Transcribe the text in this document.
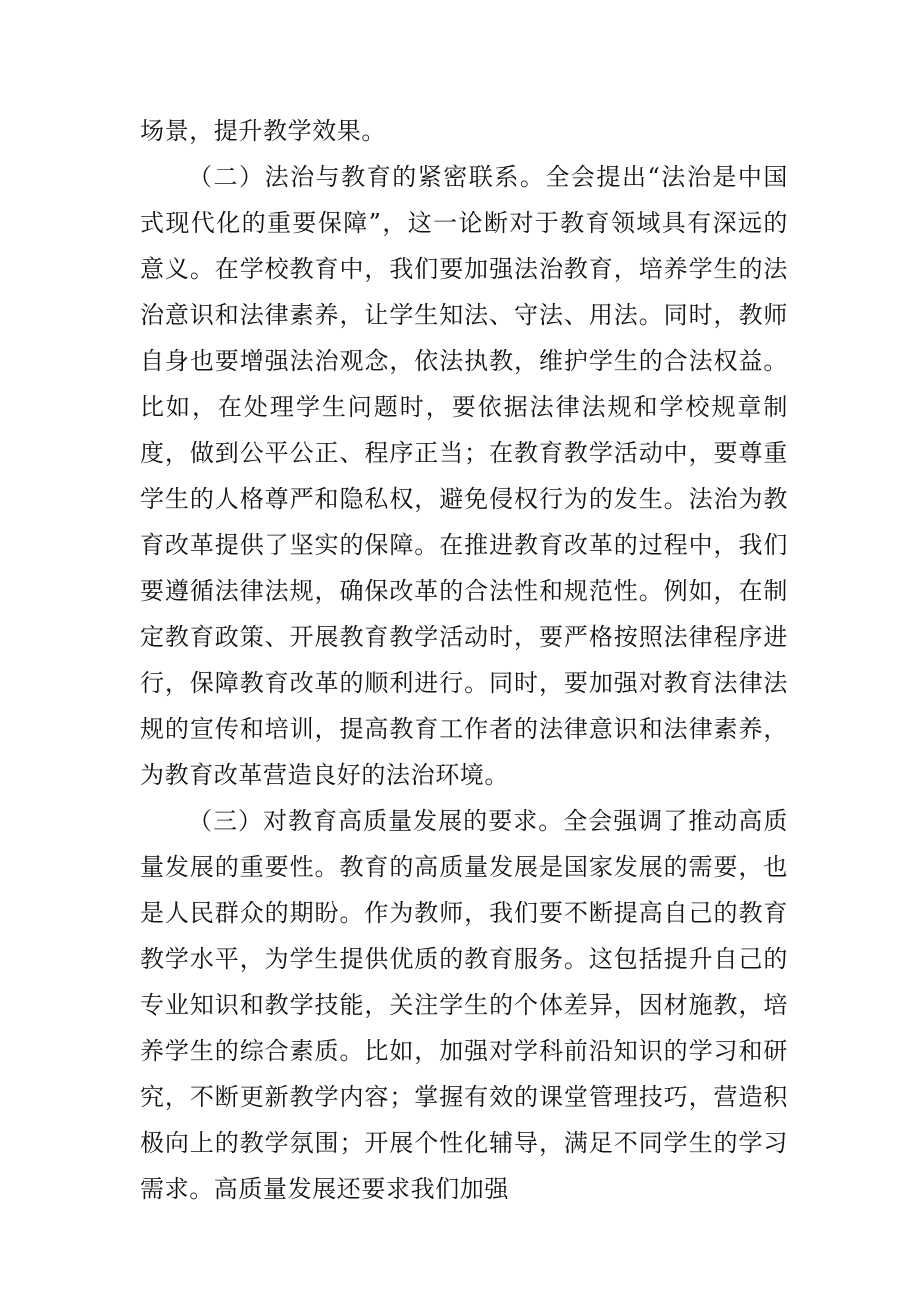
场景，提升教学效果。

（二）法治与教育的紧密联系。全会提出“法治是中国式现代化的重要保障”，这一论断对于教育领域具有深远的意义。在学校教育中，我们要加强法治教育，培养学生的法治意识和法律素养，让学生知法、守法、用法。同时，教师自身也要增强法治观念，依法执教，维护学生的合法权益。比如，在处理学生问题时，要依据法律法规和学校规章制度，做到公平公正、程序正当；在教育教学活动中，要尊重学生的人格尊严和隐私权，避免侵权行为的发生。法治为教育改革提供了坚实的保障。在推进教育改革的过程中，我们要遵循法律法规，确保改革的合法性和规范性。例如，在制定教育政策、开展教育教学活动时，要严格按照法律程序进行，保障教育改革的顺利进行。同时，要加强对教育法律法规的宣传和培训，提高教育工作者的法律意识和法律素养，为教育改革营造良好的法治环境。

（三）对教育高质量发展的要求。全会强调了推动高质量发展的重要性。教育的高质量发展是国家发展的需要，也是人民群众的期盼。作为教师，我们要不断提高自己的教育教学水平，为学生提供优质的教育服务。这包括提升自己的专业知识和教学技能，关注学生的个体差异，因材施教，培养学生的综合素质。比如，加强对学科前沿知识的学习和研究，不断更新教学内容；掌握有效的课堂管理技巧，营造积极向上的教学氛围；开展个性化辅导，满足不同学生的学习需求。高质量发展还要求我们加强
